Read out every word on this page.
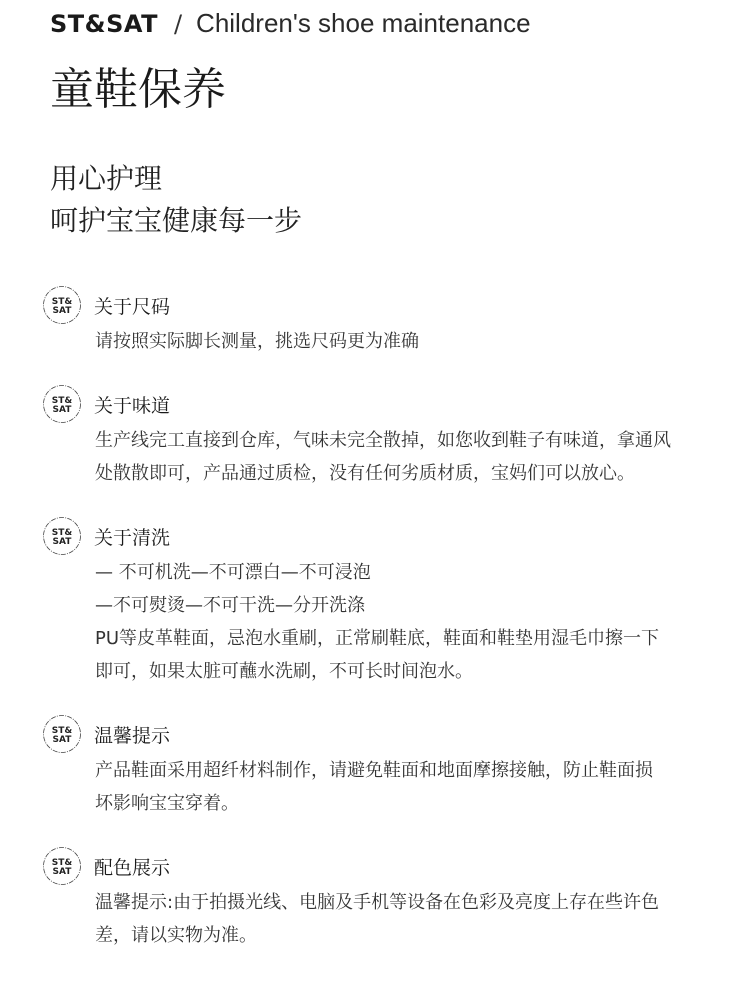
ST&SAT / Children's shoe maintenance
童鞋保养
用心护理
呵护宝宝健康每一步
ST&
SAT 关于尺码
请按照实际脚长测量，挑选尺码更为准确
ST&
SAT 关于味道
生产线完工直接到仓库，气味未完全散掉，如您收到鞋子有味道，拿通风
处散散即可，产品通过质检，没有任何劣质材质，宝妈们可以放心。
ST&
SAT 关于清洗
— 不可机洗—不可漂白—不可浸泡
—不可熨烫—不可干洗—分开洗涤
PU等皮革鞋面，忌泡水重刷，正常刷鞋底，鞋面和鞋垫用湿毛巾擦一下
即可，如果太脏可蘸水洗刷，不可长时间泡水。
ST&
SAT 温馨提示
产品鞋面采用超纤材料制作，请避免鞋面和地面摩擦接触，防止鞋面损
坏影响宝宝穿着。
ST&
SAT 配色展示
温馨提示:由于拍摄光线、电脑及手机等设备在色彩及亮度上存在些许色
差，请以实物为准。
